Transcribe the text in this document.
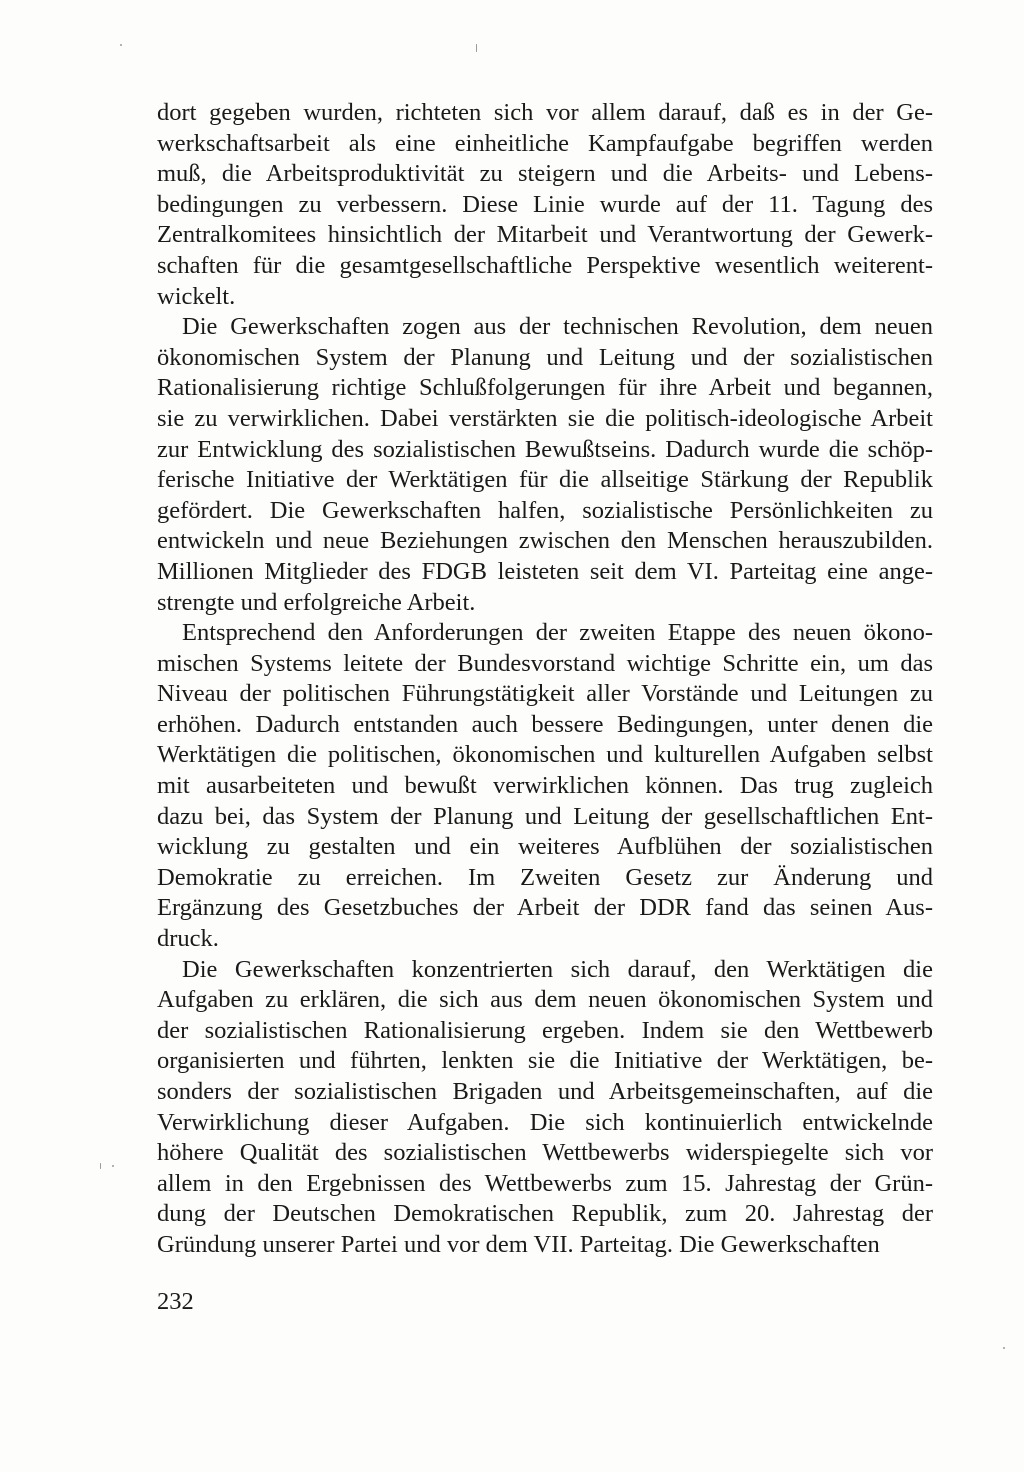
dort gegeben wurden, richteten sich vor allem darauf, daß es in der Ge-
werkschaftsarbeit als eine einheitliche Kampfaufgabe begriffen werden
muß, die Arbeitsproduktivität zu steigern und die Arbeits- und Lebens-
bedingungen zu verbessern. Diese Linie wurde auf der 11. Tagung des
Zentralkomitees hinsichtlich der Mitarbeit und Verantwortung der Gewerk-
schaften für die gesamtgesellschaftliche Perspektive wesentlich weiterent-
wickelt.
Die Gewerkschaften zogen aus der technischen Revolution, dem neuen
ökonomischen System der Planung und Leitung und der sozialistischen
Rationalisierung richtige Schlußfolgerungen für ihre Arbeit und begannen,
sie zu verwirklichen. Dabei verstärkten sie die politisch-ideologische Arbeit
zur Entwicklung des sozialistischen Bewußtseins. Dadurch wurde die schöp-
ferische Initiative der Werktätigen für die allseitige Stärkung der Republik
gefördert. Die Gewerkschaften halfen, sozialistische Persönlichkeiten zu
entwickeln und neue Beziehungen zwischen den Menschen herauszubilden.
Millionen Mitglieder des FDGB leisteten seit dem VI. Parteitag eine ange-
strengte und erfolgreiche Arbeit.
Entsprechend den Anforderungen der zweiten Etappe des neuen ökono-
mischen Systems leitete der Bundesvorstand wichtige Schritte ein, um das
Niveau der politischen Führungstätigkeit aller Vorstände und Leitungen zu
erhöhen. Dadurch entstanden auch bessere Bedingungen, unter denen die
Werktätigen die politischen, ökonomischen und kulturellen Aufgaben selbst
mit ausarbeiteten und bewußt verwirklichen können. Das trug zugleich
dazu bei, das System der Planung und Leitung der gesellschaftlichen Ent-
wicklung zu gestalten und ein weiteres Aufblühen der sozialistischen
Demokratie zu erreichen. Im Zweiten Gesetz zur Änderung und
Ergänzung des Gesetzbuches der Arbeit der DDR fand das seinen Aus-
druck.
Die Gewerkschaften konzentrierten sich darauf, den Werktätigen die
Aufgaben zu erklären, die sich aus dem neuen ökonomischen System und
der sozialistischen Rationalisierung ergeben. Indem sie den Wettbewerb
organisierten und führten, lenkten sie die Initiative der Werktätigen, be-
sonders der sozialistischen Brigaden und Arbeitsgemeinschaften, auf die
Verwirklichung dieser Aufgaben. Die sich kontinuierlich entwickelnde
höhere Qualität des sozialistischen Wettbewerbs widerspiegelte sich vor
allem in den Ergebnissen des Wettbewerbs zum 15. Jahrestag der Grün-
dung der Deutschen Demokratischen Republik, zum 20. Jahrestag der
Gründung unserer Partei und vor dem VII. Parteitag. Die Gewerkschaften
232
